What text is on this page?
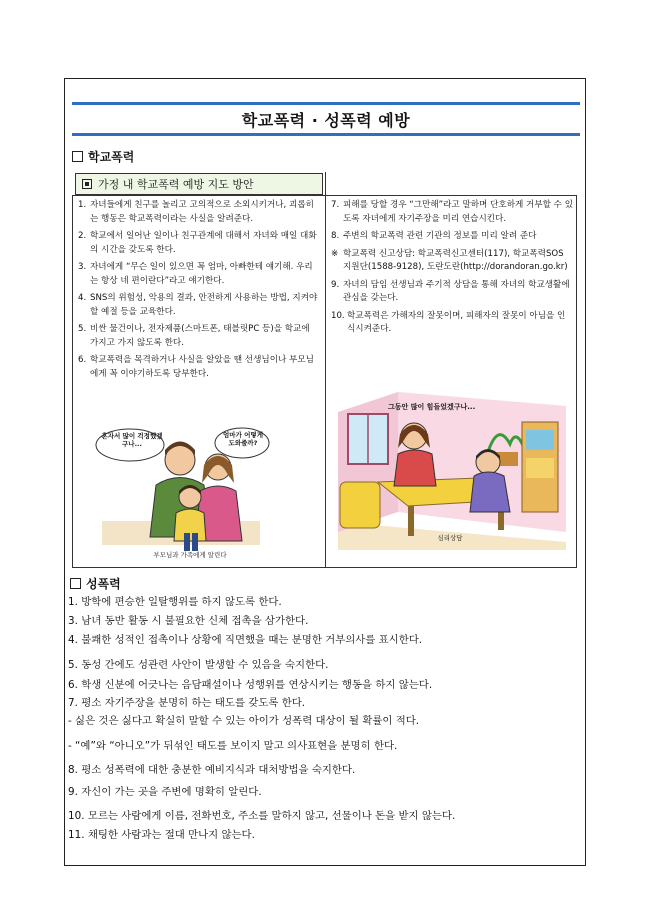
학교폭력 · 성폭력 예방
학교폭력
가정 내 학교폭력 예방 지도 방안
1. 자녀들에게 친구를 놀리고 고의적으로 소외시키거나, 괴롭히는 행동은 학교폭력이라는 사실을 알려준다.
2. 학교에서 일어난 일이나 친구관계에 대해서 자녀와 매일 대화의 시간을 갖도록 한다.
3. 자녀에게 “무슨 일이 있으면 꼭 엄마, 아빠한테 얘기해. 우리는 항상 네 편이란다”라고 얘기한다.
4. SNS의 위험성, 악용의 결과, 안전하게 사용하는 방법, 지켜야할 예절 등을 교육한다.
5. 비싼 물건이나, 전자제품(스마트폰, 태블릿PC 등)을 학교에 가지고 가지 않도록 한다.
6. 학교폭력을 목격하거나 사실을 알았을 땐 선생님이나 부모님에게 꼭 이야기하도록 당부한다.
7. 피해를 당할 경우 “그만해”라고 말하며 단호하게 거부할 수 있도록 자녀에게 자기주장을 미리 연습시킨다.
8. 주변의 학교폭력 관련 기관의 정보를 미리 알려 준다
※ 학교폭력 신고상담: 학교폭력신고센터(117), 학교폭력SOS 지원단(1588-9128), 도란도란(http://dorandoran.go.kr)
9. 자녀의 담임 선생님과 주기적 상담을 통해 자녀의 학교생활에 관심을 갖는다.
10. 학교폭력은 가해자의 잘못이며, 피해자의 잘못이 아님을 인식시켜준다.
혼자서 많이 걱정했겠구나...
엄마가 어떻게 도와줄까?
부모님과 가족에게 알린다
그동안 많이 힘들었겠구나...
심리상담
성폭력
1. 방학에 편승한 일탈행위를 하지 않도록 한다.
3. 남녀 동반 활동 시 불필요한 신체 접촉을 삼가한다.
4. 불쾌한 성적인 접촉이나 상황에 직면했을 때는 분명한 거부의사를 표시한다.
5. 동성 간에도 성관련 사안이 발생할 수 있음을 숙지한다.
6. 학생 신분에 어긋나는 음담패설이나 성행위를 연상시키는 행동을 하지 않는다.
7. 평소 자기주장을 분명히 하는 태도를 갖도록 한다.
- 싫은 것은 싫다고 확실히 말할 수 있는 아이가 성폭력 대상이 될 확률이 적다.
- “예”와 “아니오”가 뒤섞인 태도를 보이지 말고 의사표현을 분명히 한다.
8. 평소 성폭력에 대한 충분한 예비지식과 대처방법을 숙지한다.
9. 자신이 가는 곳을 주변에 명확히 알린다.
10. 모르는 사람에게 이름, 전화번호, 주소를 말하지 않고, 선물이나 돈을 받지 않는다.
11. 채팅한 사람과는 절대 만나지 않는다.
